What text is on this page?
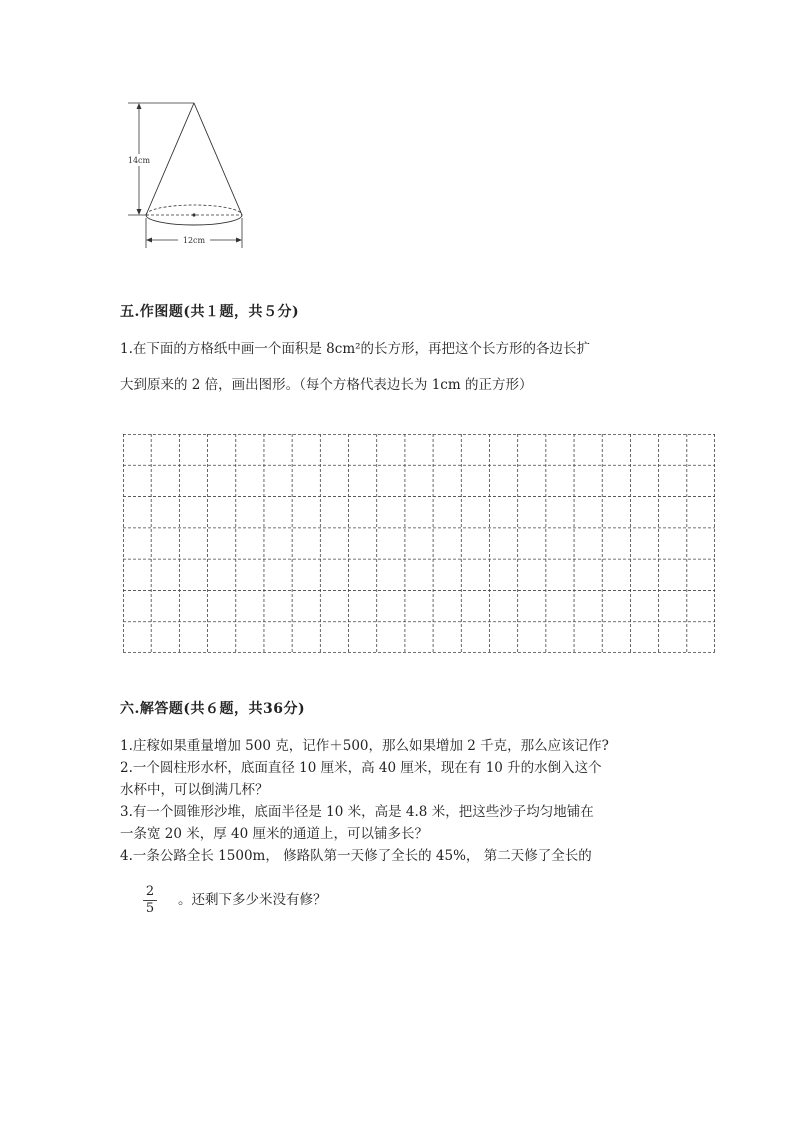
14cm
12cm
五.作图题(共１题，共５分)
1.在下面的方格纸中画一个面积是 8cm²的长方形，再把这个长方形的各边长扩
大到原来的 2 倍，画出图形。（每个方格代表边长为 1cm 的正方形）
六.解答题(共６题，共36分)
1.庄稼如果重量增加 500 克，记作＋500，那么如果增加 2 千克，那么应该记作?
2.一个圆柱形水杯，底面直径 10 厘米，高 40 厘米，现在有 10 升的水倒入这个
水杯中，可以倒满几杯？
3.有一个圆锥形沙堆，底面半径是 10 米，高是 4.8 米，把这些沙子均匀地铺在
一条宽 20 米，厚 40 厘米的通道上，可以铺多长？
4.一条公路全长 1500m， 修路队第一天修了全长的 45%， 第二天修了全长的
$\frac{2}{5}$ 。还剩下多少米没有修？
